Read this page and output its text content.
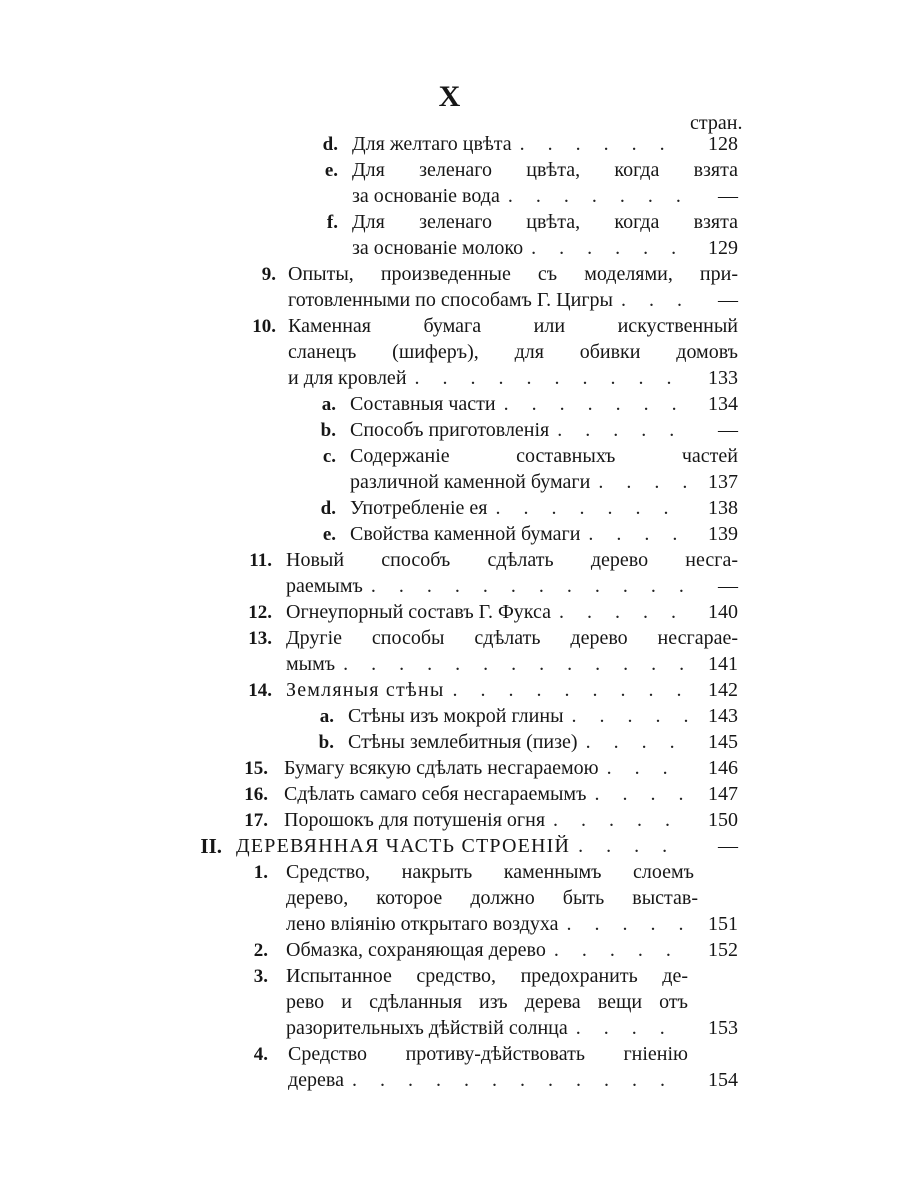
X
стран.
d. Для желтаго цвѣта . . .	128
e. Для зеленаго цвѣта, когда взята
за основаніе вода . . .	—
f. Для зеленаго цвѣта, когда взята
за основаніе молоко . . .	129
9. Опыты, произведенные съ моделями, при-
готовленными по способамъ Г. Цигры . . .	—
10. Каменная бумага или искуственный
сланецъ (шиферъ), для обивки домовъ
и для кровлей . . .	133
a. Составныя части . . .	134
b. Способъ приготовленія . . .	—
c. Содержаніе составныхъ частей
различной каменной бумаги . . .	137
d. Употребленіе ея . . .	138
e. Свойства каменной бумаги . . .	139
11. Новый способъ сдѣлать дерево несга-
раемымъ . . .	—
12. Огнеупорный составъ Г. Фукса . . .	140
13. Другіе способы сдѣлать дерево несгарае-
мымъ . . .	141
14. Земляныя стѣны . . .	142
a. Стѣны изъ мокрой глины . . .	143
b. Стѣны землебитныя (пизе) . . .	145
15. Бумагу всякую сдѣлать несгараемою . . .	146
16. Сдѣлать самаго себя несгараемымъ . . .	147
17. Порошокъ для потушенія огня . . .	150
II. ДЕРЕВЯННАЯ ЧАСТЬ СТРОЕНІЙ . . .	—
1. Средство, накрыть каменнымъ слоемъ
дерево, которое должно быть выстав-
лено вліянію открытаго воздуха . . .	151
2. Обмазка, сохраняющая дерево . . .	152
3. Испытанное средство, предохранить де-
рево и сдѣланныя изъ дерева вещи отъ
разорительныхъ дѣйствій солнца . . .	153
4. Средство противу-дѣйствовать гніенію
дерева . . .	154
